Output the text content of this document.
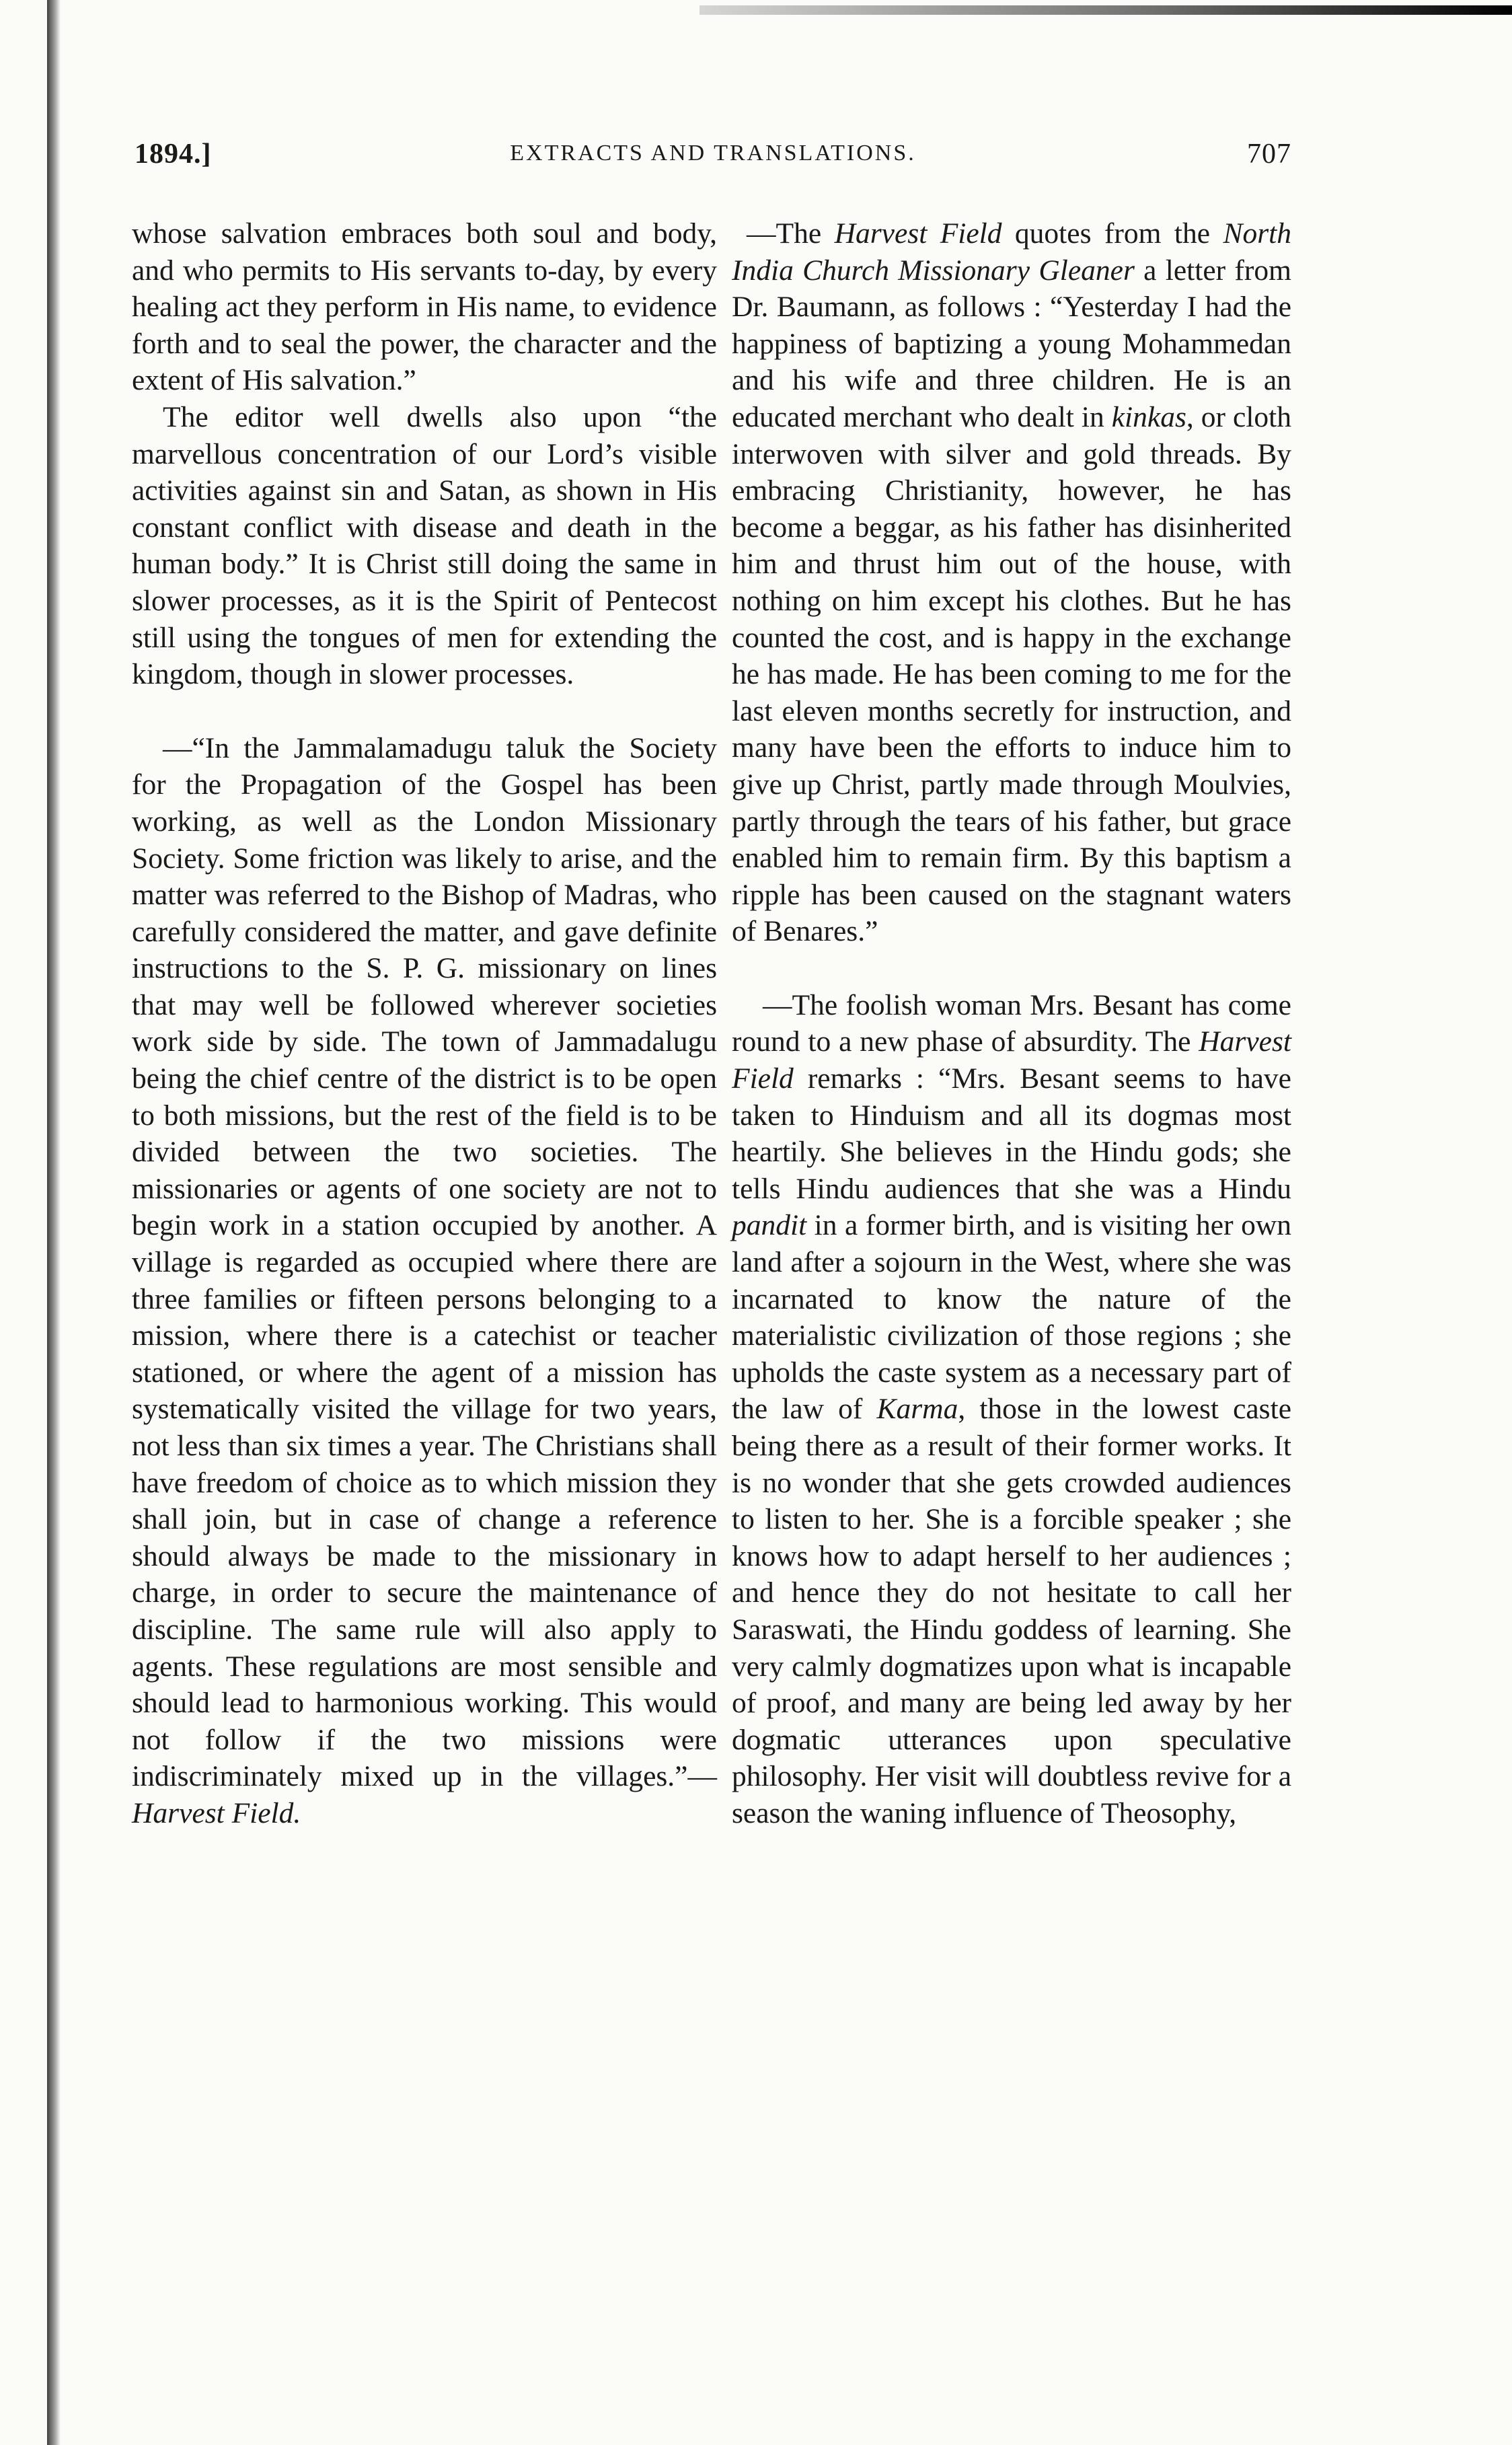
1894.]	EXTRACTS AND TRANSLATIONS.	707

whose salvation embraces both soul and body, and who permits to His servants to-day, by every healing act they perform in His name, to evidence forth and to seal the power, the character and the extent of His salvation.”

The editor well dwells also upon “the marvellous concentration of our Lord’s visible activities against sin and Satan, as shown in His constant conflict with disease and death in the human body.” It is Christ still doing the same in slower processes, as it is the Spirit of Pentecost still using the tongues of men for extending the kingdom, though in slower processes.

—“In the Jammalamadugu taluk the Society for the Propagation of the Gospel has been working, as well as the London Missionary Society. Some friction was likely to arise, and the matter was referred to the Bishop of Madras, who carefully considered the matter, and gave definite instructions to the S. P. G. missionary on lines that may well be followed wherever societies work side by side. The town of Jammadalugu being the chief centre of the district is to be open to both missions, but the rest of the field is to be divided between the two societies. The missionaries or agents of one society are not to begin work in a station occupied by another. A village is regarded as occupied where there are three families or fifteen persons belonging to a mission, where there is a catechist or teacher stationed, or where the agent of a mission has systematically visited the village for two years, not less than six times a year. The Christians shall have freedom of choice as to which mission they shall join, but in case of change a reference should always be made to the missionary in charge, in order to secure the maintenance of discipline. The same rule will also apply to agents. These regulations are most sensible and should lead to harmonious working. This would not follow if the two missions were indiscriminately mixed up in the villages.”—Harvest Field.

—The Harvest Field quotes from the North India Church Missionary Gleaner a letter from Dr. Baumann, as follows : “Yesterday I had the happiness of baptizing a young Mohammedan and his wife and three children. He is an educated merchant who dealt in kinkas, or cloth interwoven with silver and gold threads. By embracing Christianity, however, he has become a beggar, as his father has disinherited him and thrust him out of the house, with nothing on him except his clothes. But he has counted the cost, and is happy in the exchange he has made. He has been coming to me for the last eleven months secretly for instruction, and many have been the efforts to induce him to give up Christ, partly made through Moulvies, partly through the tears of his father, but grace enabled him to remain firm. By this baptism a ripple has been caused on the stagnant waters of Benares.”

—The foolish woman Mrs. Besant has come round to a new phase of absurdity. The Harvest Field remarks : “Mrs. Besant seems to have taken to Hinduism and all its dogmas most heartily. She believes in the Hindu gods; she tells Hindu audiences that she was a Hindu pandit in a former birth, and is visiting her own land after a sojourn in the West, where she was incarnated to know the nature of the materialistic civilization of those regions ; she upholds the caste system as a necessary part of the law of Karma, those in the lowest caste being there as a result of their former works. It is no wonder that she gets crowded audiences to listen to her. She is a forcible speaker ; she knows how to adapt herself to her audiences ; and hence they do not hesitate to call her Saraswati, the Hindu goddess of learning. She very calmly dogmatizes upon what is incapable of proof, and many are being led away by her dogmatic utterances upon speculative philosophy. Her visit will doubtless revive for a season the waning influence of Theosophy,
